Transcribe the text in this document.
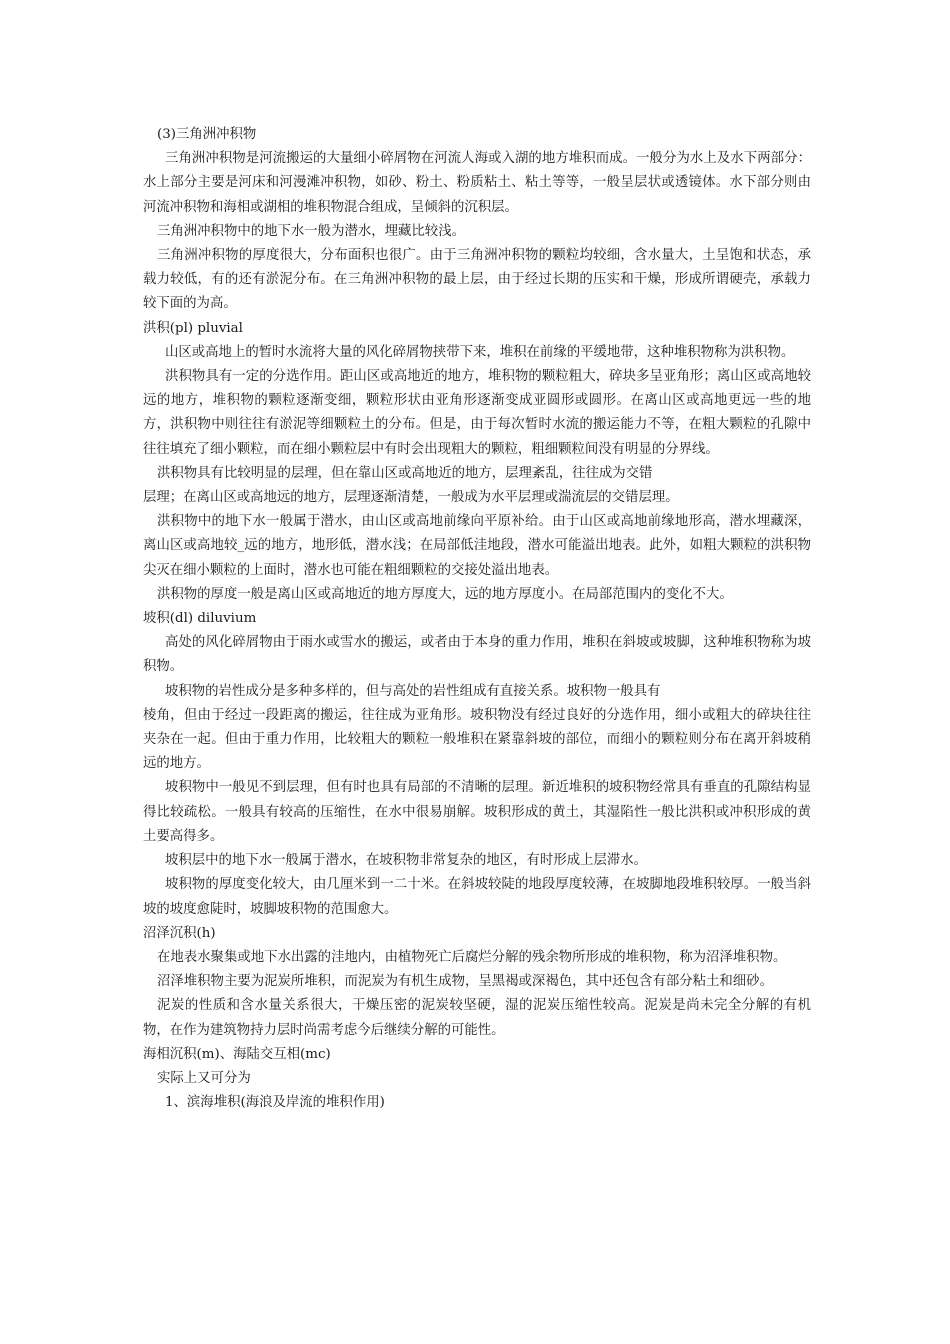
(3)三角洲冲积物

三角洲冲积物是河流搬运的大量细小碎屑物在河流人海或入湖的地方堆积而成。一般分为水上及水下两部分：水上部分主要是河床和河漫滩冲积物，如砂、粉土、粉质粘土、粘土等等，一般呈层状或透镜体。水下部分则由河流冲积物和海相或湖相的堆积物混合组成，呈倾斜的沉积层。

三角洲冲积物中的地下水一般为潜水，埋藏比较浅。

三角洲冲积物的厚度很大，分布面积也很广。由于三角洲冲积物的颗粒均较细，含水量大，土呈饱和状态，承载力较低，有的还有淤泥分布。在三角洲冲积物的最上层，由于经过长期的压实和干燥，形成所谓硬壳，承载力较下面的为高。

洪积(pl) pluvial

山区或高地上的暂时水流将大量的风化碎屑物挟带下来，堆积在前缘的平缓地带，这种堆积物称为洪积物。

洪积物具有一定的分选作用。距山区或高地近的地方，堆积物的颗粒粗大，碎块多呈亚角形；离山区或高地较远的地方，堆积物的颗粒逐渐变细，颗粒形状由亚角形逐渐变成亚圆形或圆形。在离山区或高地更远一些的地方，洪积物中则往往有淤泥等细颗粒土的分布。但是，由于每次暂时水流的搬运能力不等，在粗大颗粒的孔隙中往往填充了细小颗粒，而在细小颗粒层中有时会出现粗大的颗粒，粗细颗粒间没有明显的分界线。

洪积物具有比较明显的层理，但在靠山区或高地近的地方，层理紊乱，往往成为交错

层理；在离山区或高地远的地方，层理逐渐清楚，一般成为水平层理或湍流层的交错层理。

洪积物中的地下水一般属于潜水，由山区或高地前缘向平原补给。由于山区或高地前缘地形高，潜水埋藏深，离山区或高地较_远的地方，地形低，潜水浅；在局部低洼地段，潜水可能溢出地表。此外，如粗大颗粒的洪积物尖灭在细小颗粒的上面时，潜水也可能在粗细颗粒的交接处溢出地表。

洪积物的厚度一般是离山区或高地近的地方厚度大，远的地方厚度小。在局部范围内的变化不大。

坡积(dl) diluvium

高处的风化碎屑物由于雨水或雪水的搬运，或者由于本身的重力作用，堆积在斜坡或坡脚，这种堆积物称为坡积物。

坡积物的岩性成分是多种多样的，但与高处的岩性组成有直接关系。坡积物一般具有

棱角，但由于经过一段距离的搬运，往往成为亚角形。坡积物没有经过良好的分选作用，细小或粗大的碎块往往夹杂在一起。但由于重力作用，比较粗大的颗粒一般堆积在紧靠斜坡的部位，而细小的颗粒则分布在离开斜坡稍远的地方。

坡积物中一般见不到层理，但有时也具有局部的不清晰的层理。新近堆积的坡积物经常具有垂直的孔隙结构显得比较疏松。一般具有较高的压缩性，在水中很易崩解。坡积形成的黄土，其湿陷性一般比洪积或冲积形成的黄土要高得多。

坡积层中的地下水一般属于潜水，在坡积物非常复杂的地区，有时形成上层滞水。

坡积物的厚度变化较大，由几厘米到一二十米。在斜坡较陡的地段厚度较薄，在坡脚地段堆积较厚。一般当斜坡的坡度愈陡时，坡脚坡积物的范围愈大。

沼泽沉积(h)

在地表水聚集或地下水出露的洼地内，由植物死亡后腐烂分解的残余物所形成的堆积物，称为沼泽堆积物。

沼泽堆积物主要为泥炭所堆积，而泥炭为有机生成物，呈黑褐或深褐色，其中还包含有部分粘土和细砂。

泥炭的性质和含水量关系很大，干燥压密的泥炭较坚硬，湿的泥炭压缩性较高。泥炭是尚未完全分解的有机物，在作为建筑物持力层时尚需考虑今后继续分解的可能性。

海相沉积(m)、海陆交互相(mc)

实际上又可分为

1、滨海堆积(海浪及岸流的堆积作用)
